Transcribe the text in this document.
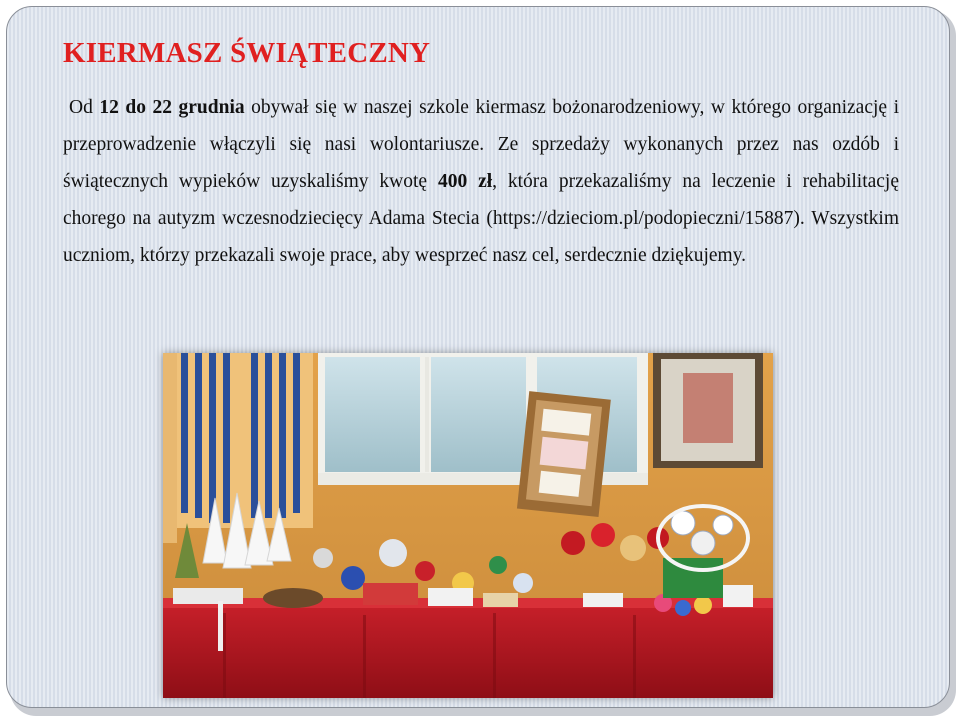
KIERMASZ ŚWIĄTECZNY

Od 12 do 22 grudnia obywał się w naszej szkole kiermasz bożonarodzeniowy, w którego organizację i przeprowadzenie włączyli się nasi wolontariusze. Ze sprzedaży wykonanych przez nas ozdób i świątecznych wypieków uzyskaliśmy kwotę 400 zł, która przekazaliśmy na leczenie i rehabilitację chorego na autyzm wczesnodziecięcy Adama Stecia (https://dzieciom.pl/podopieczni/15887). Wszystkim uczniom, którzy przekazali swoje prace, aby wesprzeć nasz cel, serdecznie dziękujemy.
